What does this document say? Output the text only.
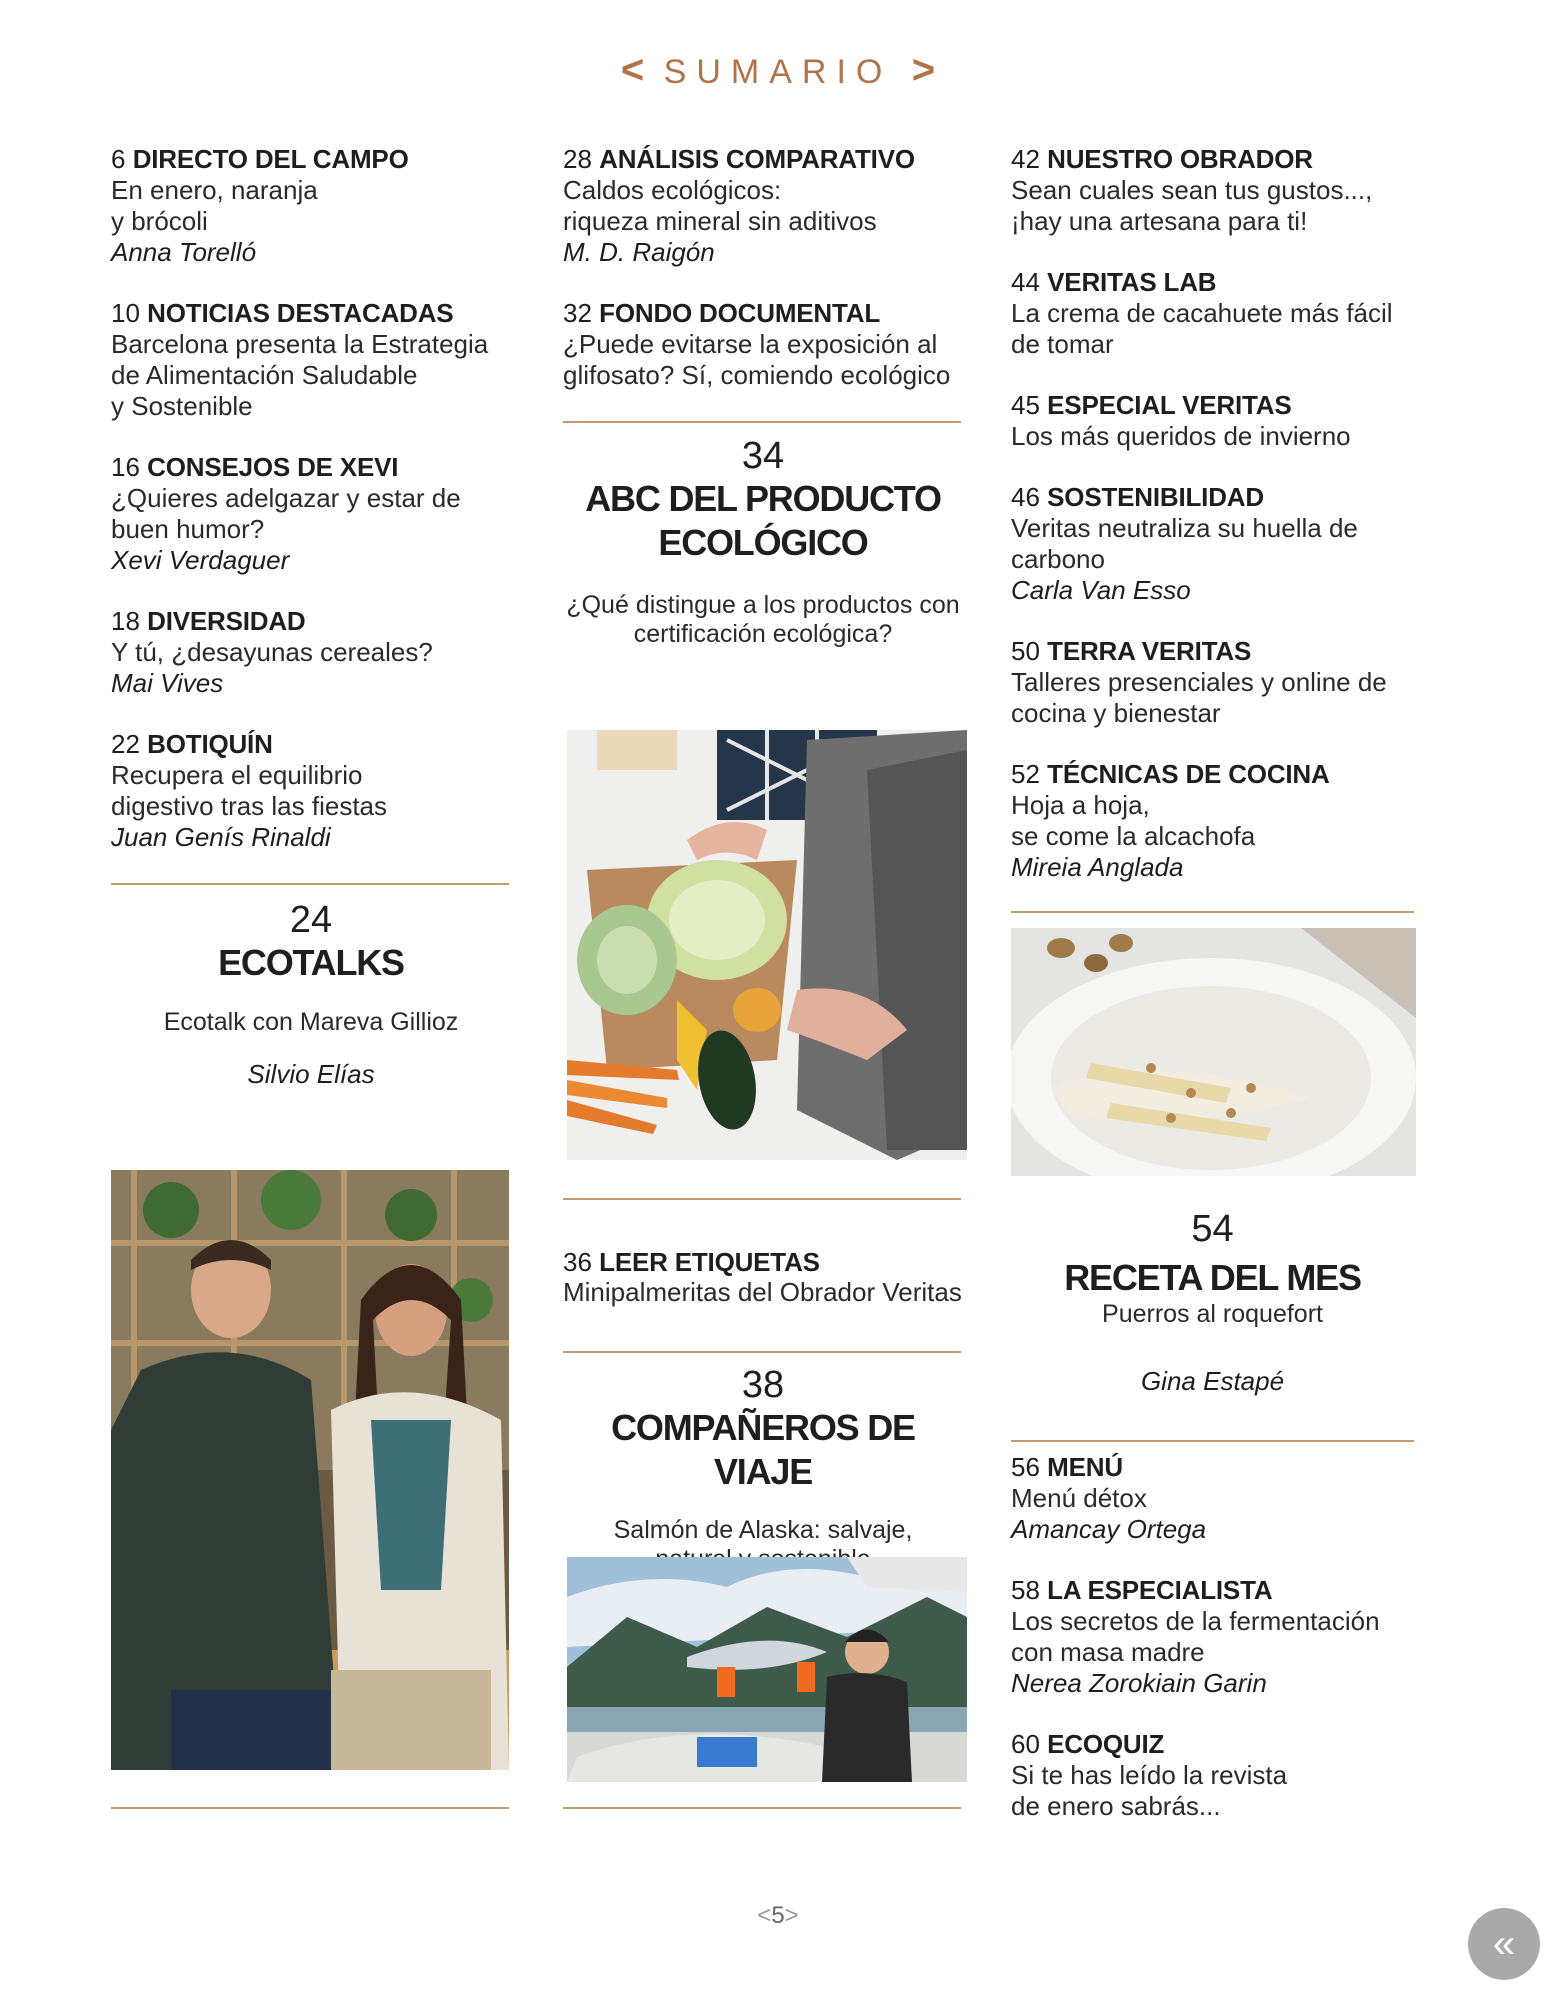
< SUMARIO >
6 DIRECTO DEL CAMPO
En enero, naranja
y brócoli
Anna Torelló
10 NOTICIAS DESTACADAS
Barcelona presenta la Estrategia
de Alimentación Saludable
y Sostenible
16 CONSEJOS DE XEVI
¿Quieres adelgazar y estar de
buen humor?
Xevi Verdaguer
18 DIVERSIDAD
Y tú, ¿desayunas cereales?
Mai Vives
22 BOTIQUÍN
Recupera el equilibrio
digestivo tras las fiestas
Juan Genís Rinaldi
24
ECOTALKS
Ecotalk con Mareva Gillioz
Silvio Elías
28 ANÁLISIS COMPARATIVO
Caldos ecológicos:
riqueza mineral sin aditivos
M. D. Raigón
32 FONDO DOCUMENTAL
¿Puede evitarse la exposición al
glifosato? Sí, comiendo ecológico
34
ABC DEL PRODUCTO
ECOLÓGICO
¿Qué distingue a los productos con
certificación ecológica?
36 LEER ETIQUETAS
Minipalmeritas del Obrador Veritas
38
COMPAÑEROS DE VIAJE
Salmón de Alaska: salvaje,
42 NUESTRO OBRADOR
Sean cuales sean tus gustos...,
¡hay una artesana para ti!
44 VERITAS LAB
La crema de cacahuete más fácil
de tomar
45 ESPECIAL VERITAS
Los más queridos de invierno
46 SOSTENIBILIDAD
Veritas neutraliza su huella de
carbono
Carla Van Esso
50 TERRA VERITAS
Talleres presenciales y online de
cocina y bienestar
52 TÉCNICAS DE COCINA
Hoja a hoja,
se come la alcachofa
Mireia Anglada
54
RECETA DEL MES
Puerros al roquefort
Gina Estapé
56 MENÚ
Menú détox
Amancay Ortega
58 LA ESPECIALISTA
Los secretos de la fermentación
con masa madre
Nerea Zorokiain Garin
60 ECOQUIZ
Si te has leído la revista
de enero sabrás...
<5>
«
